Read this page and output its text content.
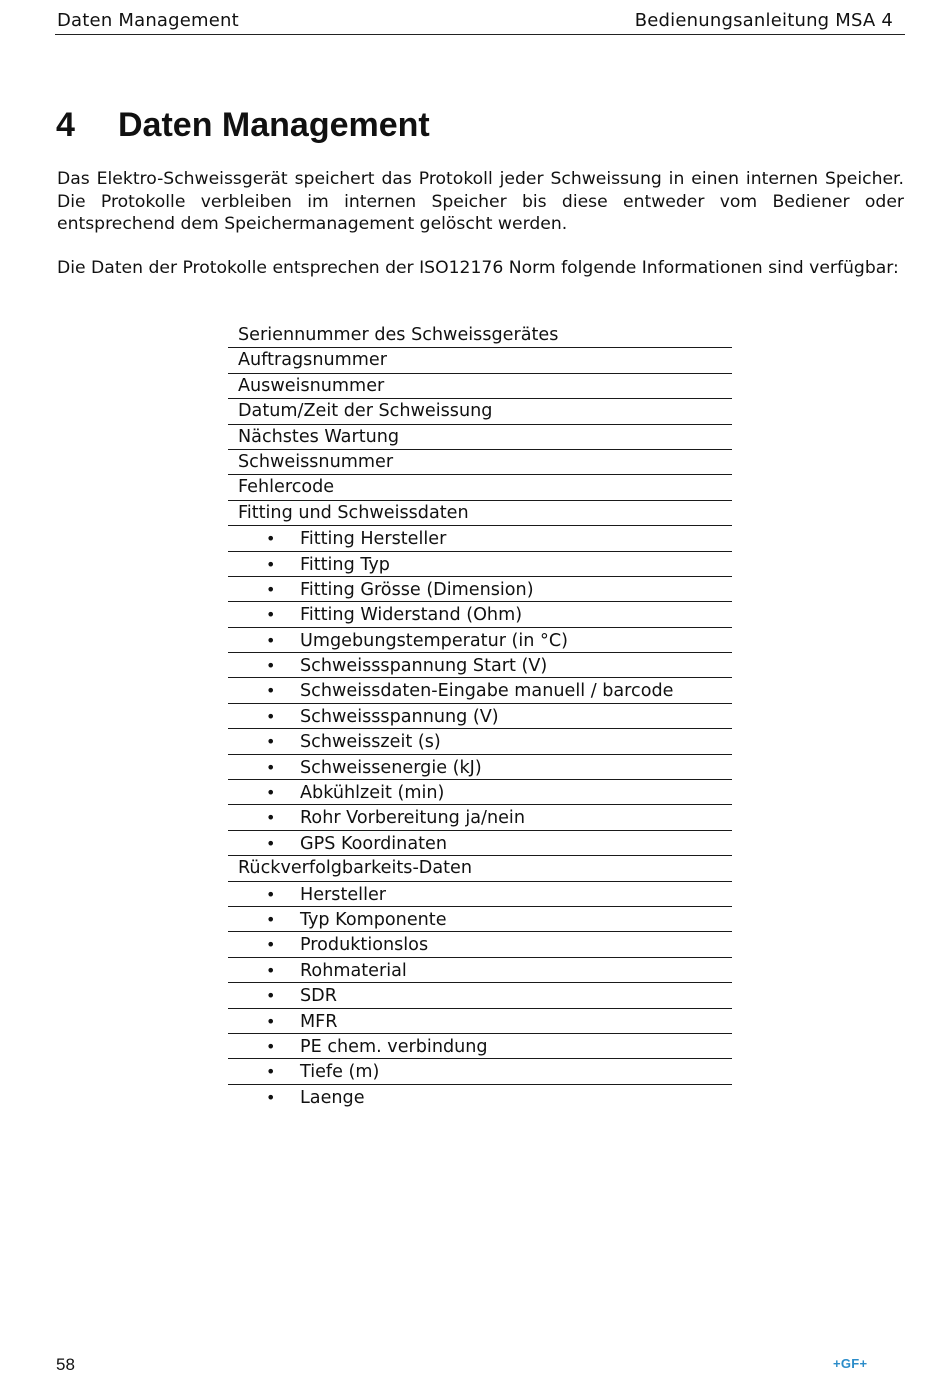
Daten Management	Bedienungsanleitung MSA 4
4 Daten Management

Das Elektro-Schweissgerät speichert das Protokoll jeder Schweissung in einen internen Speicher. Die Protokolle verbleiben im internen Speicher bis diese entweder vom Bediener oder entsprechend dem Speichermanagement gelöscht werden.

Die Daten der Protokolle entsprechen der ISO12176 Norm folgende Informationen sind verfügbar:

Seriennummer des Schweissgerätes
Auftragsnummer
Ausweisnummer
Datum/Zeit der Schweissung
Nächstes Wartung
Schweissnummer
Fehlercode
Fitting und Schweissdaten
• Fitting Hersteller
• Fitting Typ
• Fitting Grösse (Dimension)
• Fitting Widerstand (Ohm)
• Umgebungstemperatur (in °C)
• Schweissspannung Start (V)
• Schweissdaten-Eingabe manuell / barcode
• Schweissspannung (V)
• Schweisszeit (s)
• Schweissenergie (kJ)
• Abkühlzeit (min)
• Rohr Vorbereitung ja/nein
• GPS Koordinaten
Rückverfolgbarkeits-Daten
• Hersteller
• Typ Komponente
• Produktionslos
• Rohmaterial
• SDR
• MFR
• PE chem. verbindung
• Tiefe (m)
• Laenge
58	+GF+
